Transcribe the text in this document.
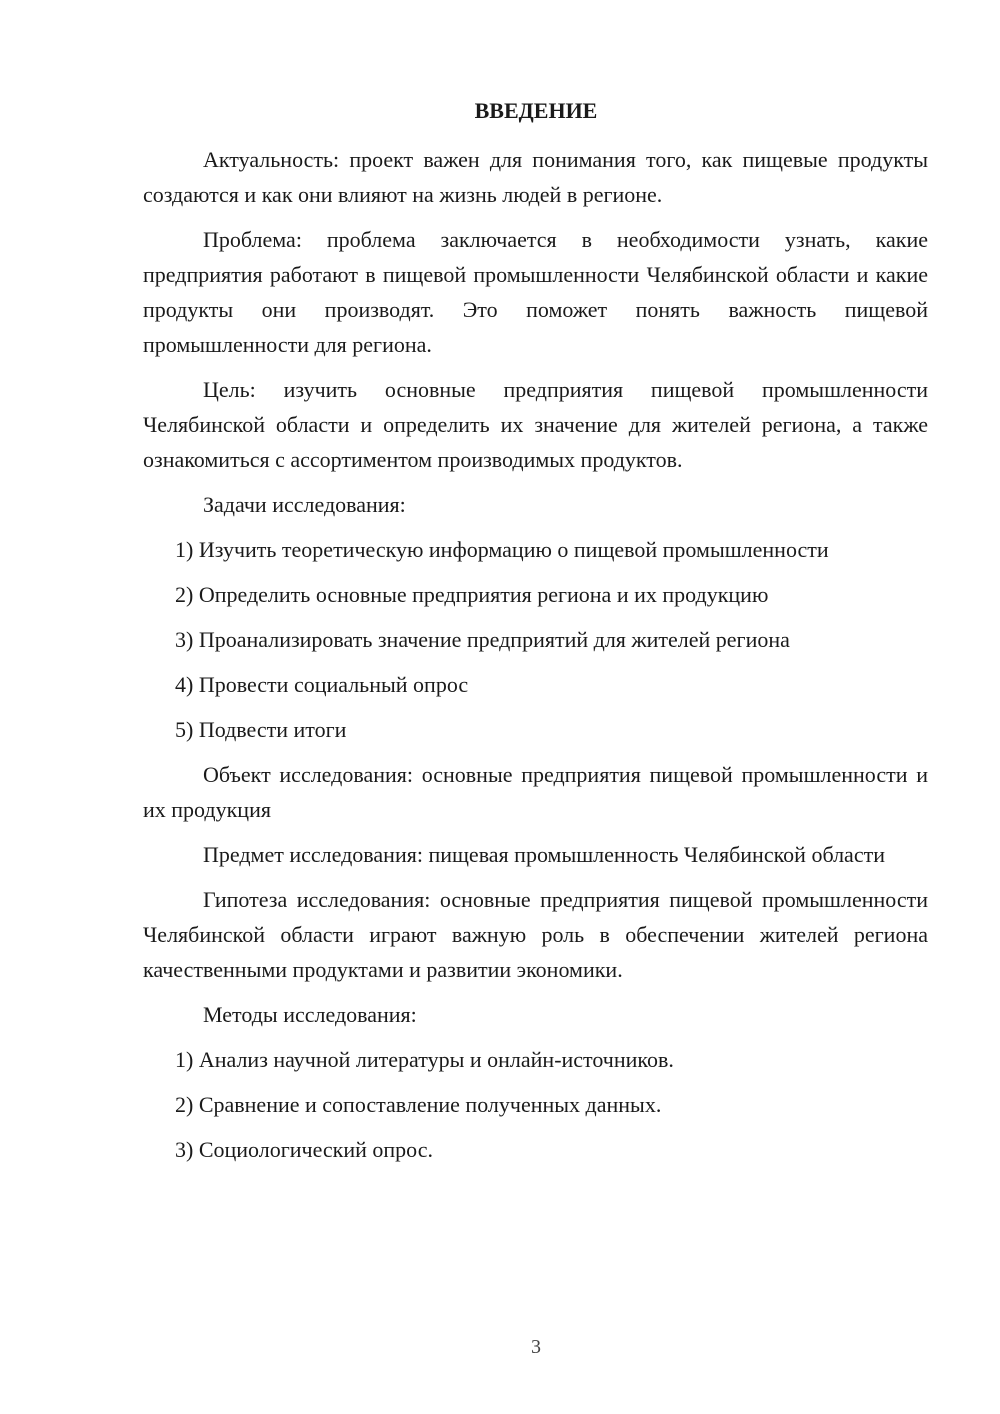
ВВЕДЕНИЕ

Актуальность: проект важен для понимания того, как пищевые продукты создаются и как они влияют на жизнь людей в регионе.

Проблема: проблема заключается в необходимости узнать, какие предприятия работают в пищевой промышленности Челябинской области и какие продукты они производят. Это поможет понять важность пищевой промышленности для региона.

Цель: изучить основные предприятия пищевой промышленности Челябинской области и определить их значение для жителей региона, а также ознакомиться с ассортиментом производимых продуктов.

Задачи исследования:

1) Изучить теоретическую информацию о пищевой промышленности
2) Определить основные предприятия региона и их продукцию
3) Проанализировать значение предприятий для жителей региона
4) Провести социальный опрос
5) Подвести итоги

Объект исследования: основные предприятия пищевой промышленности и их продукция

Предмет исследования: пищевая промышленность Челябинской области

Гипотеза исследования: основные предприятия пищевой промышленности Челябинской области играют важную роль в обеспечении жителей региона качественными продуктами и развитии экономики.

Методы исследования:

1) Анализ научной литературы и онлайн-источников.
2) Сравнение и сопоставление полученных данных.
3) Социологический опрос.
3
